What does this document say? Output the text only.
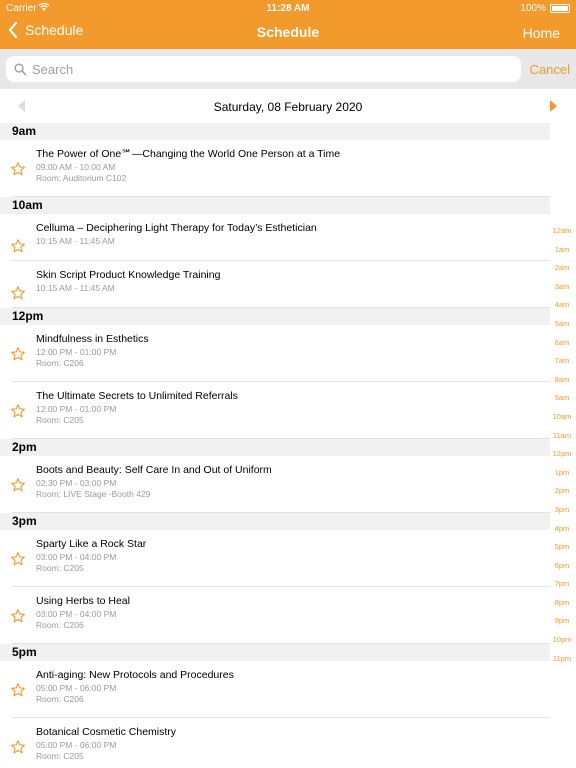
Carrier	11:28 AM	100%
Schedule	Schedule	Home
Search
Cancel
Saturday, 08 February 2020
9am
The Power of One℠—Changing the World One Person at a Time
09:00 AM - 10:00 AM
Room: Auditorium C102
10am
Celluma – Deciphering Light Therapy for Today’s Esthetician
10:15 AM - 11:45 AM
Skin Script Product Knowledge Training
10:15 AM - 11:45 AM
12pm
Mindfulness in Esthetics
12:00 PM - 01:00 PM
Room: C206
The Ultimate Secrets to Unlimited Referrals
12:00 PM - 01:00 PM
Room: C205
2pm
Boots and Beauty: Self Care In and Out of Uniform
02:30 PM - 03:00 PM
Room: LIVE Stage -Booth 429
3pm
Sparty Like a Rock Star
03:00 PM - 04:00 PM
Room: C205
Using Herbs to Heal
03:00 PM - 04:00 PM
Room: C206
5pm
Anti-aging: New Protocols and Procedures
05:00 PM - 06:00 PM
Room: C206
Botanical Cosmetic Chemistry
05:00 PM - 06:00 PM
Room: C205
12am
1am
2am
3am
4am
5am
6am
7am
8am
9am
10am
11am
12pm
1pm
2pm
3pm
4pm
5pm
6pm
7pm
8pm
9pm
10pm
11pm
